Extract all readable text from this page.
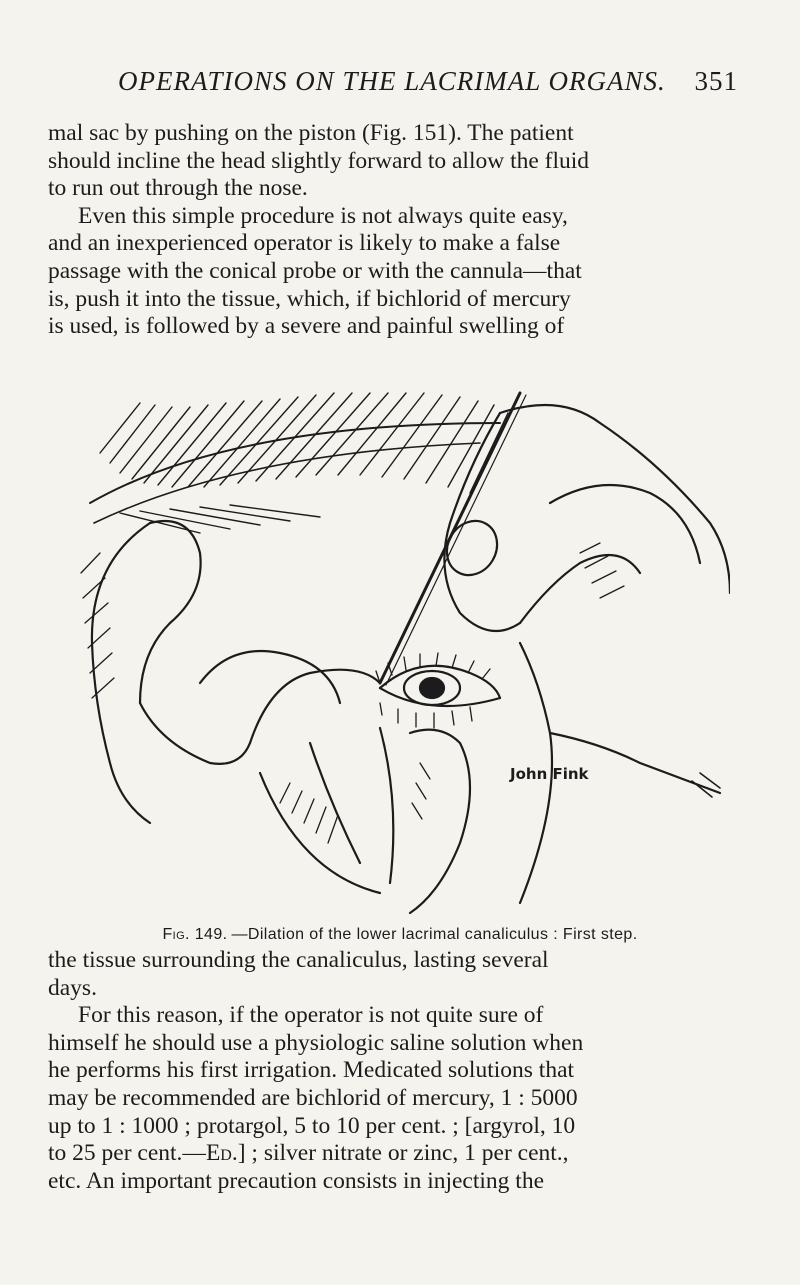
OPERATIONS ON THE LACRIMAL ORGANS. 351
mal sac by pushing on the piston (Fig. 151). The patient
should incline the head slightly forward to allow the fluid
to run out through the nose.
Even this simple procedure is not always quite easy,
and an inexperienced operator is likely to make a false
passage with the conical probe or with the cannula—that
is, push it into the tissue, which, if bichlorid of mercury
is used, is followed by a severe and painful swelling of
John Fink
Fig. 149. —Dilation of the lower lacrimal canaliculus : First step.
the tissue surrounding the canaliculus, lasting several
days.
For this reason, if the operator is not quite sure of
himself he should use a physiologic saline solution when
he performs his first irrigation. Medicated solutions that
may be recommended are bichlorid of mercury, 1 : 5000
up to 1 : 1000 ; protargol, 5 to 10 per cent. ; [argyrol, 10
to 25 per cent.—Ed.] ; silver nitrate or zinc, 1 per cent.,
etc. An important precaution consists in injecting the
